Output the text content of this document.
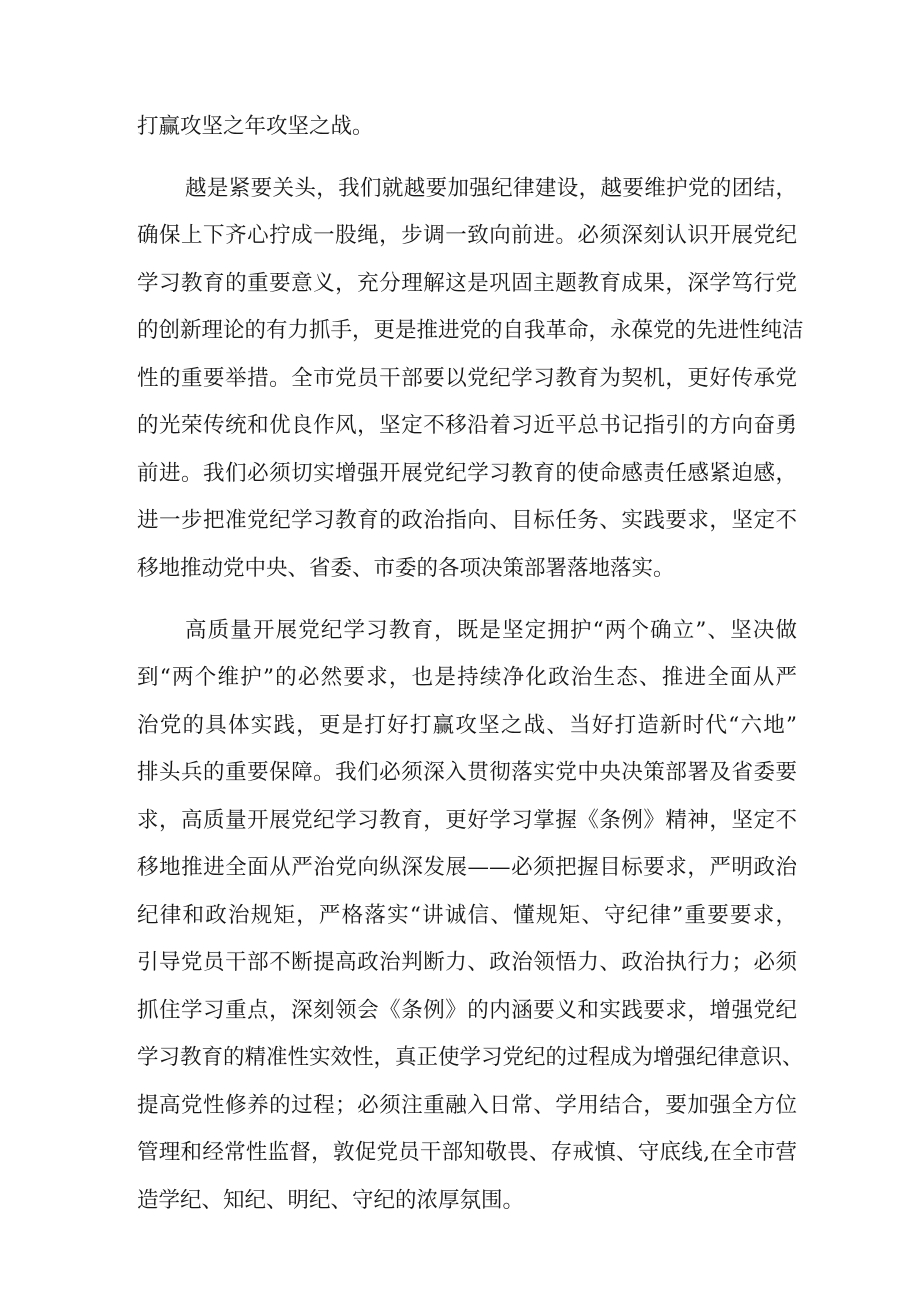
打赢攻坚之年攻坚之战。
越是紧要关头，我们就越要加强纪律建设，越要维护党的团结，
确保上下齐心拧成一股绳，步调一致向前进。必须深刻认识开展党纪
学习教育的重要意义，充分理解这是巩固主题教育成果，深学笃行党
的创新理论的有力抓手，更是推进党的自我革命，永葆党的先进性纯洁
性的重要举措。全市党员干部要以党纪学习教育为契机，更好传承党
的光荣传统和优良作风，坚定不移沿着习近平总书记指引的方向奋勇
前进。我们必须切实增强开展党纪学习教育的使命感责任感紧迫感，
进一步把准党纪学习教育的政治指向、目标任务、实践要求，坚定不
移地推动党中央、省委、市委的各项决策部署落地落实。
高质量开展党纪学习教育，既是坚定拥护“两个确立”、坚决做
到“两个维护”的必然要求，也是持续净化政治生态、推进全面从严
治党的具体实践，更是打好打赢攻坚之战、当好打造新时代“六地”
排头兵的重要保障。我们必须深入贯彻落实党中央决策部署及省委要
求，高质量开展党纪学习教育，更好学习掌握《条例》精神，坚定不
移地推进全面从严治党向纵深发展——必须把握目标要求，严明政治
纪律和政治规矩，严格落实“讲诚信、懂规矩、守纪律”重要要求，
引导党员干部不断提高政治判断力、政治领悟力、政治执行力；必须
抓住学习重点，深刻领会《条例》的内涵要义和实践要求，增强党纪
学习教育的精准性实效性，真正使学习党纪的过程成为增强纪律意识、
提高党性修养的过程；必须注重融入日常、学用结合，要加强全方位
管理和经常性监督，敦促党员干部知敬畏、存戒慎、守底线,在全市营
造学纪、知纪、明纪、守纪的浓厚氛围。
